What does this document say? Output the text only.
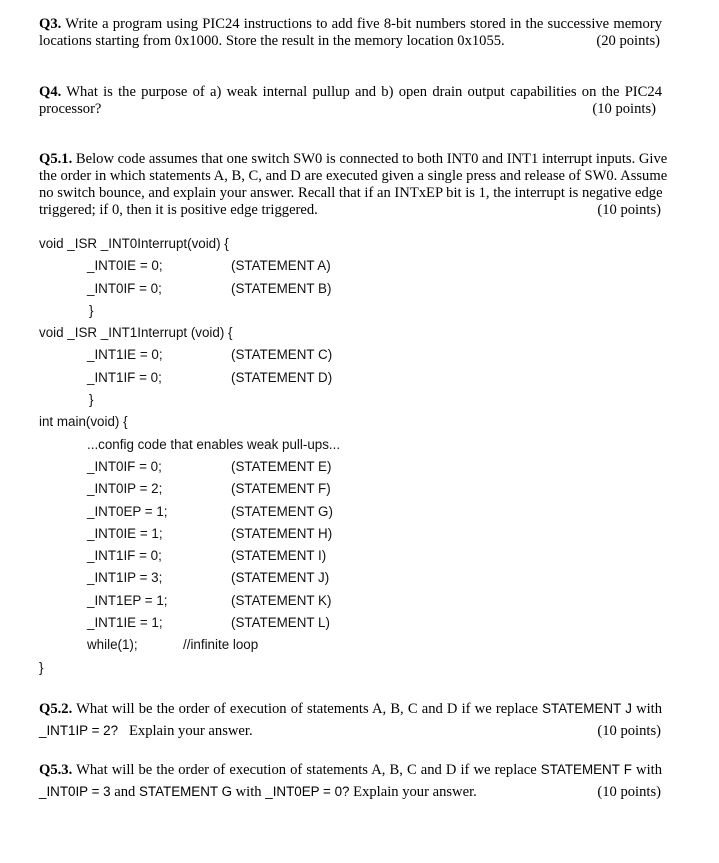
Q3. Write a program using PIC24 instructions to add five 8-bit numbers stored in the successive memory
locations starting from 0x1000. Store the result in the memory location 0x1055.	(20 points)
Q4. What is the purpose of a) weak internal pullup and b) open drain output capabilities on the PIC24
processor?	(10 points)
Q5.1. Below code assumes that one switch SW0 is connected to both INT0 and INT1 interrupt inputs. Give
the order in which statements A, B, C, and D are executed given a single press and release of SW0. Assume
no switch bounce, and explain your answer. Recall that if an INTxEP bit is 1, the interrupt is negative edge
triggered; if 0, then it is positive edge triggered.	(10 points)
void _ISR _INT0Interrupt(void) {
_INT0IE = 0;	(STATEMENT A)
_INT0IF = 0;	(STATEMENT B)
}
void _ISR _INT1Interrupt (void) {
_INT1IE = 0;	(STATEMENT C)
_INT1IF = 0;	(STATEMENT D)
}
int main(void) {
...config code that enables weak pull-ups...
_INT0IF = 0;	(STATEMENT E)
_INT0IP = 2;	(STATEMENT F)
_INT0EP = 1;	(STATEMENT G)
_INT0IE = 1;	(STATEMENT H)
_INT1IF = 0;	(STATEMENT I)
_INT1IP = 3;	(STATEMENT J)
_INT1EP = 1;	(STATEMENT K)
_INT1IE = 1;	(STATEMENT L)
while(1);	//infinite loop
}
Q5.2. What will be the order of execution of statements A, B, C and D if we replace STATEMENT J with
_INT1IP = 2? Explain your answer.	(10 points)
Q5.3. What will be the order of execution of statements A, B, C and D if we replace STATEMENT F with
_INT0IP = 3 and STATEMENT G with _INT0EP = 0? Explain your answer.	(10 points)
